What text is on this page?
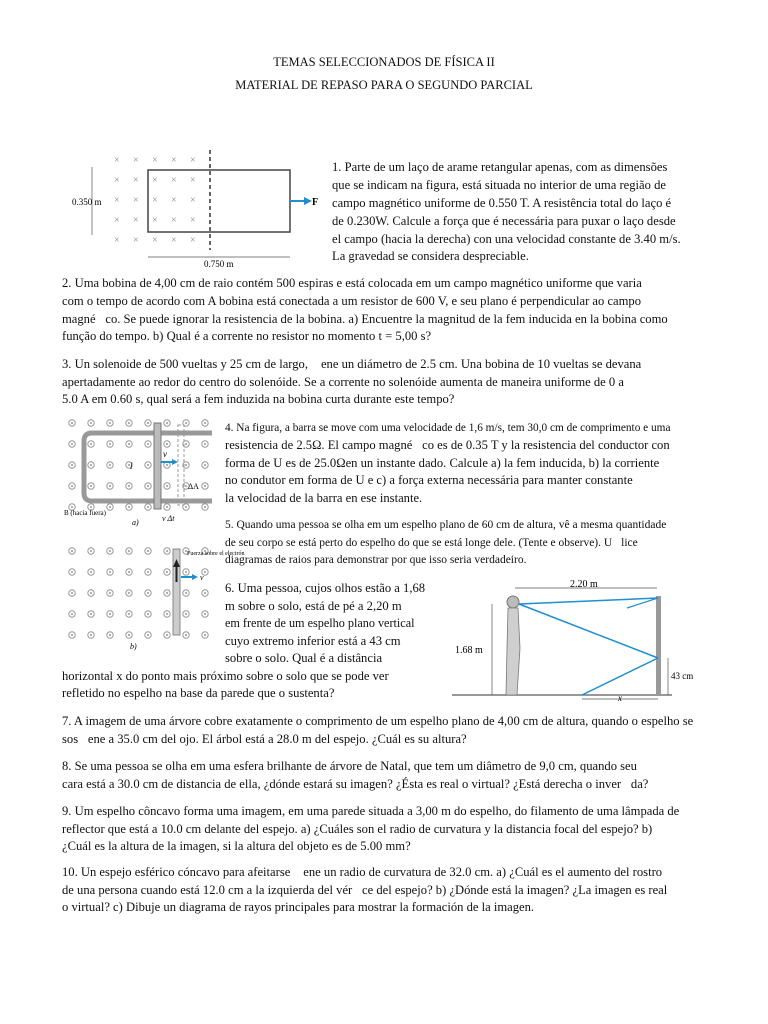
TEMAS SELECCIONADOS DE FÍSICA II
MATERIAL DE REPASO PARA O SEGUNDO PARCIAL
× × × × ×
× × × × ×
× × × × ×
× × × × ×
× × × × ×
F
0.350 m
0.750 m
1. Parte de um laço de arame retangular apenas, com as dimensões
que se indicam na figura, está situada no interior de uma região de
campo magnético uniforme de 0.550 T. A resistência total do laço é
de 0.230W. Calcule a força que é necessária para puxar o laço desde
el campo (hacia la derecha) con una velocidad constante de 3.40 m/s.
La gravedad se considera despreciable.
2. Uma bobina de 4,00 cm de raio contém 500 espiras e está colocada em um campo magnético uniforme que varia
com o tempo de acordo com A bobina está conectada a um resistor de 600 V, e seu plano é perpendicular ao campo
magné􀁿co. Se puede ignorar la resistencia de la bobina. a) Encuentre la magnitud de la fem inducida en la bobina como
função do tempo. b) Qual é a corrente no resistor no momento t = 5,00 s?
3. Un solenoide de 500 vueltas y 25 cm de largo, 􀁿ene un diámetro de 2.5 cm. Una bobina de 10 vueltas se devana
apertadamente ao redor do centro do solenóide. Se a corrente no solenóide aumenta de maneira uniforme de 0 a
5.0 A em 0.60 s, qual será a fem induzida na bobina curta durante este tempo?
v
l
ΔA
v Δt
B (hacia fuera)
a)
v
Fuerza sobre el electrón
b)
4. Na figura, a barra se move com uma velocidade de 1,6 m/s, tem 30,0 cm de comprimento e uma
resistencia de 2.5Ω. El campo magné􀁿co es de 0.35 T y la resistencia del conductor con
forma de U es de 25.0Ωen un instante dado. Calcule a) la fem inducida, b) la corriente
no condutor em forma de U e c) a força externa necessária para manter constante
la velocidad de la barra en ese instante.
5. Quando uma pessoa se olha em um espelho plano de 60 cm de altura, vê a mesma quantidade
de seu corpo se está perto do espelho do que se está longe dele. (Tente e observe). U􀁿lice
diagramas de raios para demonstrar por que isso seria verdadeiro.
6. Uma pessoa, cujos olhos estão a 1,68
m sobre o solo, está de pé a 2,20 m
em frente de um espelho plano vertical
cuyo extremo inferior está a 43 cm
sobre o solo. Qual é a distância
horizontal x do ponto mais próximo sobre o solo que se pode ver
refletido no espelho na base da parede que o sustenta?
2.20 m
1.68 m
43 cm
x
7. A imagem de uma árvore cobre exatamente o comprimento de um espelho plano de 4,00 cm de altura, quando o espelho se
sos􀁿ene a 35.0 cm del ojo. El árbol está a 28.0 m del espejo. ¿Cuál es su altura?
8. Se uma pessoa se olha em uma esfera brilhante de árvore de Natal, que tem um diâmetro de 9,0 cm, quando seu
cara está a 30.0 cm de distancia de ella, ¿dónde estará su imagen? ¿Ésta es real o virtual? ¿Está derecha o inver􀁿da?
9. Um espelho côncavo forma uma imagem, em uma parede situada a 3,00 m do espelho, do filamento de uma lâmpada de
reflector que está a 10.0 cm delante del espejo. a) ¿Cuáles son el radio de curvatura y la distancia focal del espejo? b)
¿Cuál es la altura de la imagen, si la altura del objeto es de 5.00 mm?
10. Un espejo esférico cóncavo para afeitarse 􀁿ene un radio de curvatura de 32.0 cm. a) ¿Cuál es el aumento del rostro
de una persona cuando está 12.0 cm a la izquierda del vér􀁿ce del espejo? b) ¿Dónde está la imagen? ¿La imagen es real
o virtual? c) Dibuje un diagrama de rayos principales para mostrar la formación de la imagen.
